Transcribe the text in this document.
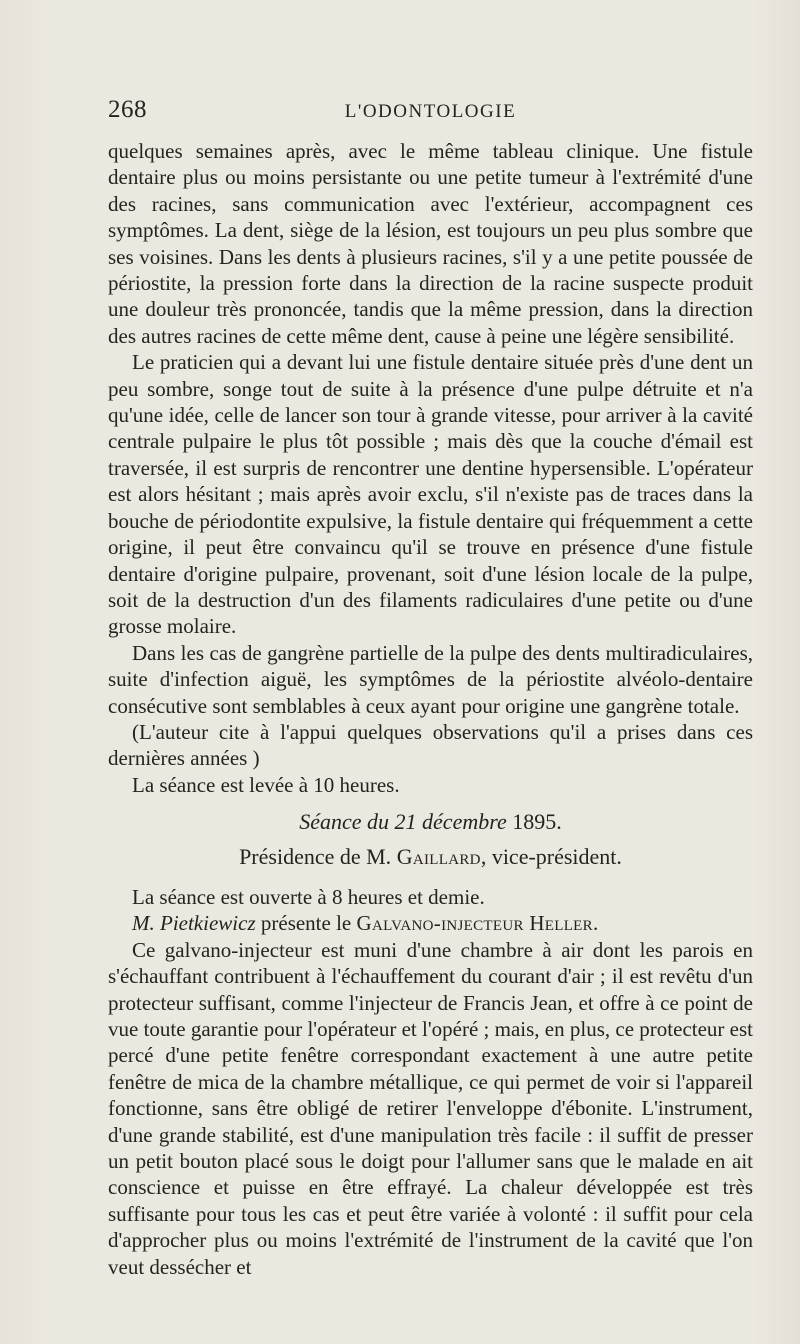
268	L'ODONTOLOGIE

quelques semaines après, avec le même tableau clinique. Une fistule dentaire plus ou moins persistante ou une petite tumeur à l'extrémité d'une des racines, sans communication avec l'extérieur, accompagnent ces symptômes. La dent, siège de la lésion, est toujours un peu plus sombre que ses voisines. Dans les dents à plusieurs racines, s'il y a une petite poussée de périostite, la pression forte dans la direction de la racine suspecte produit une douleur très prononcée, tandis que la même pression, dans la direction des autres racines de cette même dent, cause à peine une légère sensibilité.

Le praticien qui a devant lui une fistule dentaire située près d'une dent un peu sombre, songe tout de suite à la présence d'une pulpe détruite et n'a qu'une idée, celle de lancer son tour à grande vitesse, pour arriver à la cavité centrale pulpaire le plus tôt possible ; mais dès que la couche d'émail est traversée, il est surpris de rencontrer une dentine hypersensible. L'opérateur est alors hésitant ; mais après avoir exclu, s'il n'existe pas de traces dans la bouche de périodontite expulsive, la fistule dentaire qui fréquemment a cette origine, il peut être convaincu qu'il se trouve en présence d'une fistule dentaire d'origine pulpaire, provenant, soit d'une lésion locale de la pulpe, soit de la destruction d'un des filaments radiculaires d'une petite ou d'une grosse molaire.

Dans les cas de gangrène partielle de la pulpe des dents multiradiculaires, suite d'infection aiguë, les symptômes de la périostite alvéolo-dentaire consécutive sont semblables à ceux ayant pour origine une gangrène totale.

(L'auteur cite à l'appui quelques observations qu'il a prises dans ces dernières années )

La séance est levée à 10 heures.

Séance du 21 décembre 1895.
Présidence de M. Gaillard, vice-président.

La séance est ouverte à 8 heures et demie.

M. Pietkiewicz présente le Galvano-injecteur Heller.

Ce galvano-injecteur est muni d'une chambre à air dont les parois en s'échauffant contribuent à l'échauffement du courant d'air ; il est revêtu d'un protecteur suffisant, comme l'injecteur de Francis Jean, et offre à ce point de vue toute garantie pour l'opérateur et l'opéré ; mais, en plus, ce protecteur est percé d'une petite fenêtre correspondant exactement à une autre petite fenêtre de mica de la chambre métallique, ce qui permet de voir si l'appareil fonctionne, sans être obligé de retirer l'enveloppe d'ébonite. L'instrument, d'une grande stabilité, est d'une manipulation très facile : il suffit de presser un petit bouton placé sous le doigt pour l'allumer sans que le malade en ait conscience et puisse en être effrayé. La chaleur développée est très suffisante pour tous les cas et peut être variée à volonté : il suffit pour cela d'approcher plus ou moins l'extrémité de l'instrument de la cavité que l'on veut dessécher et
